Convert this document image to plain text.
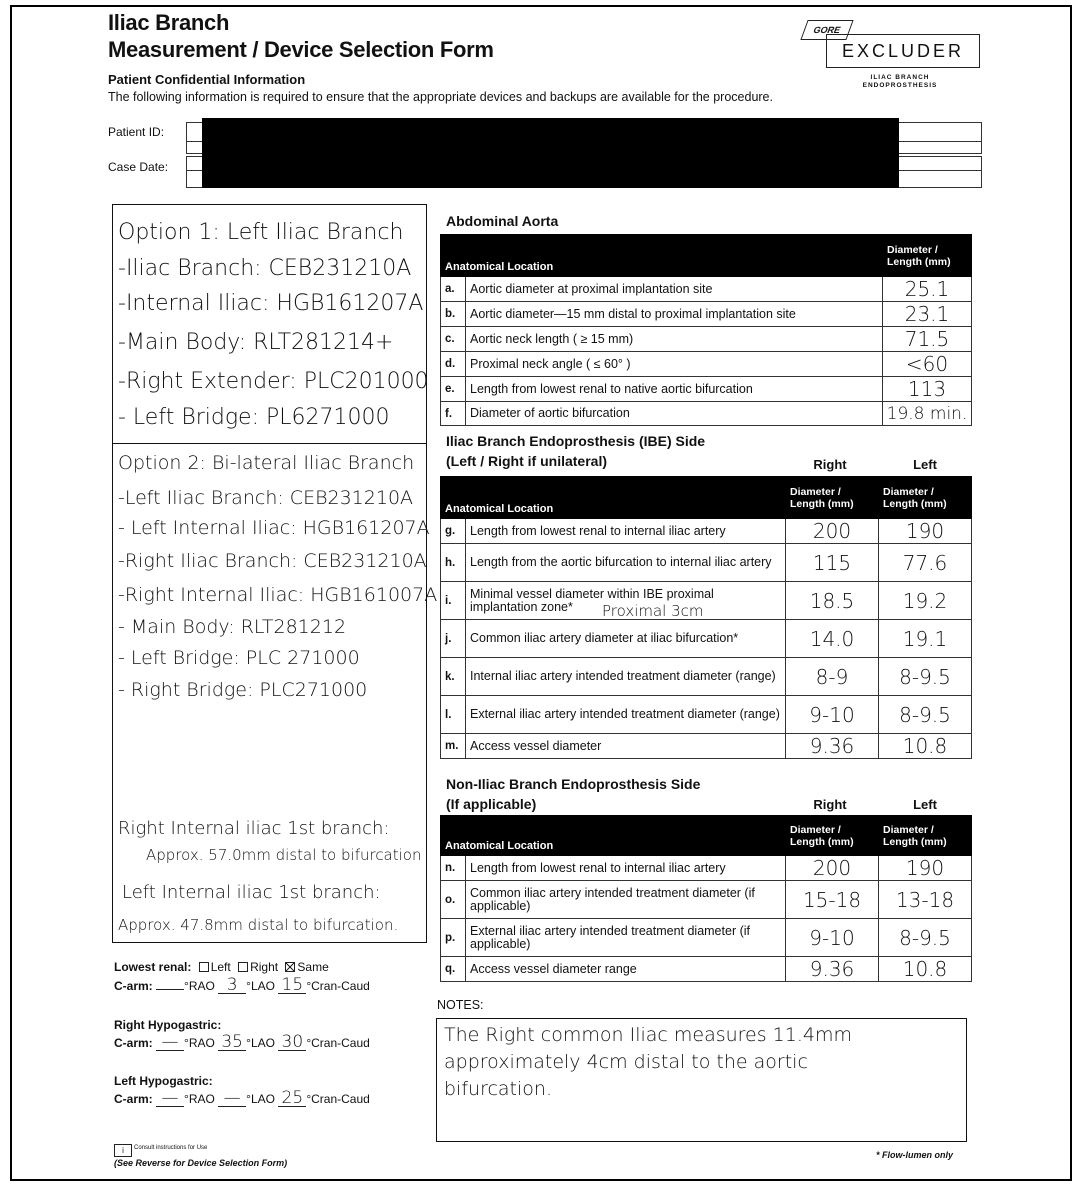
Iliac Branch
Measurement / Device Selection Form
Patient Confidential Information
The following information is required to ensure that the appropriate devices and backups are available for the procedure.
Patient ID:
Case Date:
GORE
EXCLUDER
ILIAC BRANCH ENDOPROSTHESIS
Option 1: Left Iliac Branch
-Iliac Branch: CEB231210A
-Internal Iliac: HGB161207A
-Main Body: RLT281214+
-Right Extender: PLC201000
- Left Bridge: PL6271000
Option 2: Bi-lateral Iliac Branch
-Left Iliac Branch: CEB231210A
- Left Internal Iliac: HGB161207A
-Right Iliac Branch: CEB231210A
-Right Internal Iliac: HGB161007A
- Main Body: RLT281212
- Left Bridge: PLC 271000
- Right Bridge: PLC271000
Right Internal iliac 1st branch:
Approx. 57.0mm distal to bifurcation
Left Internal iliac 1st branch:
Approx. 47.8mm distal to bifurcation.
Abdominal Aorta
Anatomical Location		Diameter / Length (mm)
a.	Aortic diameter at proximal implantation site	25.1
b.	Aortic diameter—15 mm distal to proximal implantation site	23.1
c.	Aortic neck length ( ≥ 15 mm)	71.5
d.	Proximal neck angle ( ≤ 60° )	<60
e.	Length from lowest renal to native aortic bifurcation	113
f.	Diameter of aortic bifurcation	19.8 min.
Iliac Branch Endoprosthesis (IBE) Side
(Left / Right if unilateral)	Right	Left
Anatomical Location		Diameter / Length (mm)	Diameter / Length (mm)
g.	Length from lowest renal to internal iliac artery	200	190
h.	Length from the aortic bifurcation to internal iliac artery	115	77.6
i.	Minimal vessel diameter within IBE proximal implantation zone* Proximal 3cm	18.5	19.2
j.	Common iliac artery diameter at iliac bifurcation*	14.0	19.1
k.	Internal iliac artery intended treatment diameter (range)	8-9	8-9.5
l.	External iliac artery intended treatment diameter (range)	9-10	8-9.5
m.	Access vessel diameter	9.36	10.8
Non-Iliac Branch Endoprosthesis Side
(If applicable)	Right	Left
Anatomical Location		Diameter / Length (mm)	Diameter / Length (mm)
n.	Length from lowest renal to internal iliac artery	200	190
o.	Common iliac artery intended treatment diameter (if applicable)	15-18	13-18
p.	External iliac artery intended treatment diameter (if applicable)	9-10	8-9.5
q.	Access vessel diameter range	9.36	10.8
NOTES:
The Right common Iliac measures 11.4mm
approximately 4cm distal to the aortic
bifurcation.
Lowest renal: Left Right Same
C-arm:	°RAO 3 °LAO 15 °Cran-Caud
Right Hypogastric:
C-arm: — °RAO 35 °LAO 30 °Cran-Caud
Left Hypogastric:
C-arm: — °RAO — °LAO 25 °Cran-Caud
i	Consult instructions for Use
(See Reverse for Device Selection Form)
* Flow-lumen only
